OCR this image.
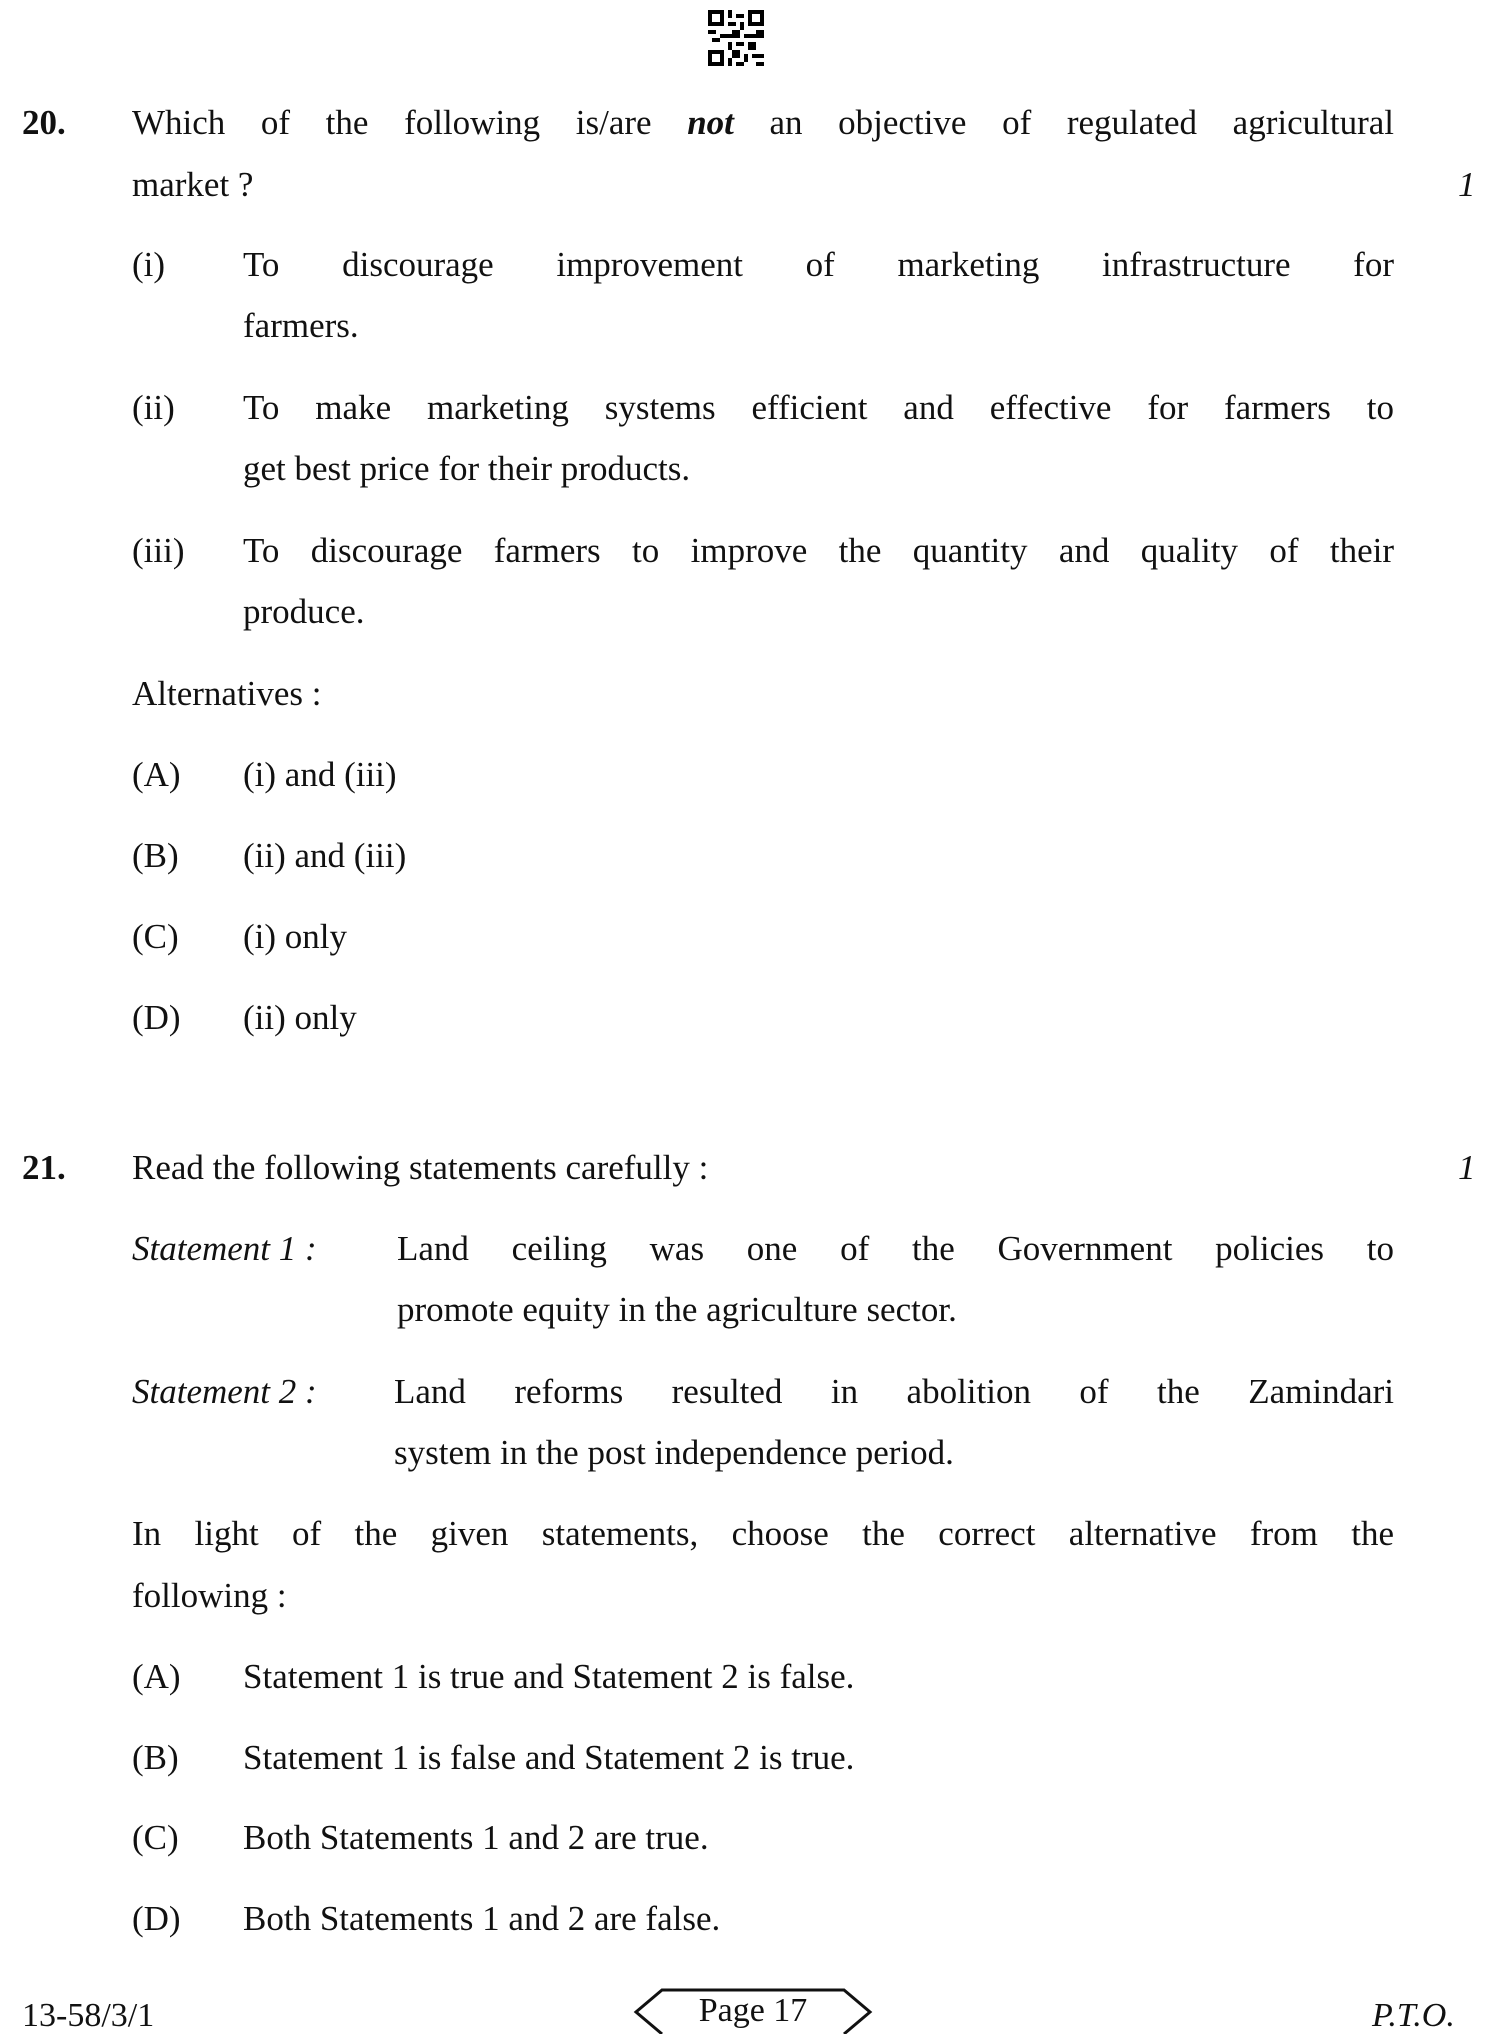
20. Which of the following is/are not an objective of regulated agricultural
market ?	1
(i) To discourage improvement of marketing infrastructure for
farmers.
(ii) To make marketing systems efficient and effective for farmers to
get best price for their products.
(iii) To discourage farmers to improve the quantity and quality of their
produce.
Alternatives :
(A) (i) and (iii)
(B) (ii) and (iii)
(C) (i) only
(D) (ii) only
21. Read the following statements carefully :	1
Statement 1 : Land ceiling was one of the Government policies to
promote equity in the agriculture sector.
Statement 2 : Land reforms resulted in abolition of the Zamindari
system in the post independence period.
In light of the given statements, choose the correct alternative from the
following :
(A) Statement 1 is true and Statement 2 is false.
(B) Statement 1 is false and Statement 2 is true.
(C) Both Statements 1 and 2 are true.
(D) Both Statements 1 and 2 are false.
13-58/3/1	Page 17	P.T.O.
